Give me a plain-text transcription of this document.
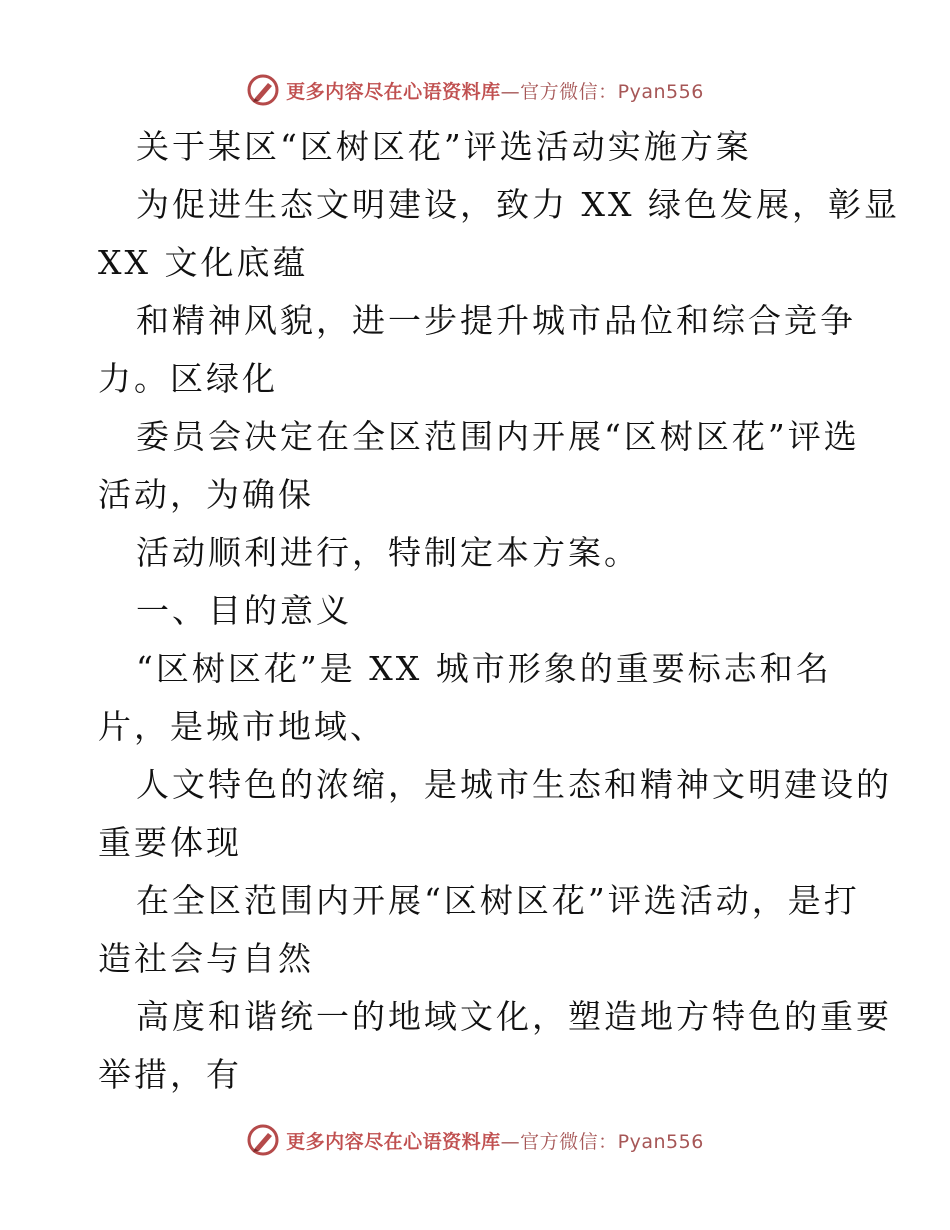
更多内容尽在心语资料库—官方微信：Pyan556
关于某区“区树区花”评选活动实施方案
为促进生态文明建设，致力 XX 绿色发展，彰显
XX 文化底蕴
和精神风貌，进一步提升城市品位和综合竞争
力。区绿化
委员会决定在全区范围内开展“区树区花”评选
活动，为确保
活动顺利进行，特制定本方案。
一、目的意义
“区树区花”是 XX 城市形象的重要标志和名
片，是城市地域、
人文特色的浓缩，是城市生态和精神文明建设的
重要体现
在全区范围内开展“区树区花”评选活动，是打
造社会与自然
高度和谐统一的地域文化，塑造地方特色的重要
举措，有
更多内容尽在心语资料库—官方微信：Pyan556
